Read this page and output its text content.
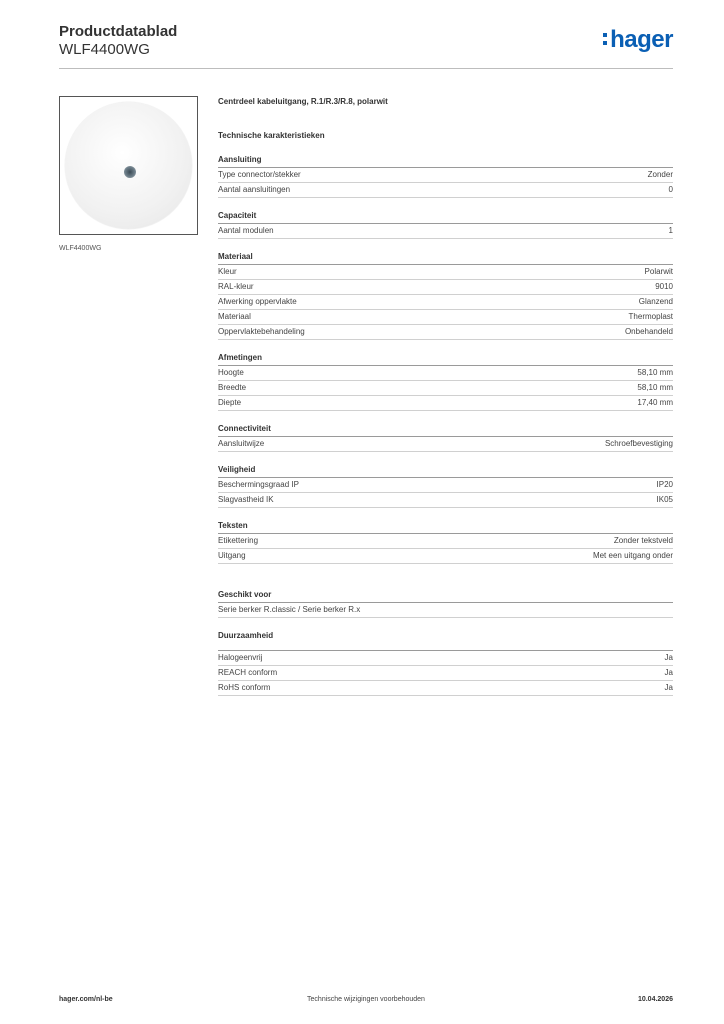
Productdatablad
WLF4400WG	hager
WLF4400WG
Centrdeel kabeluitgang, R.1/R.3/R.8, polarwit
Technische karakteristieken
Aansluiting
Type connector/stekker	Zonder
Aantal aansluitingen	0
Capaciteit
Aantal modulen	1
Materiaal
Kleur	Polarwit
RAL-kleur	9010
Afwerking oppervlakte	Glanzend
Materiaal	Thermoplast
Oppervlaktebehandeling	Onbehandeld
Afmetingen
Hoogte	58,10 mm
Breedte	58,10 mm
Diepte	17,40 mm
Connectiviteit
Aansluitwijze	Schroefbevestiging
Veiligheid
Beschermingsgraad IP	IP20
Slagvastheid IK	IK05
Teksten
Etikettering	Zonder tekstveld
Uitgang	Met een uitgang onder
Geschikt voor
Serie berker R.classic / Serie berker R.x
Duurzaamheid
Halogeenvrij	Ja
REACH conform	Ja
RoHS conform	Ja
hager.com/nl-be	Technische wijzigingen voorbehouden	10.04.2026
